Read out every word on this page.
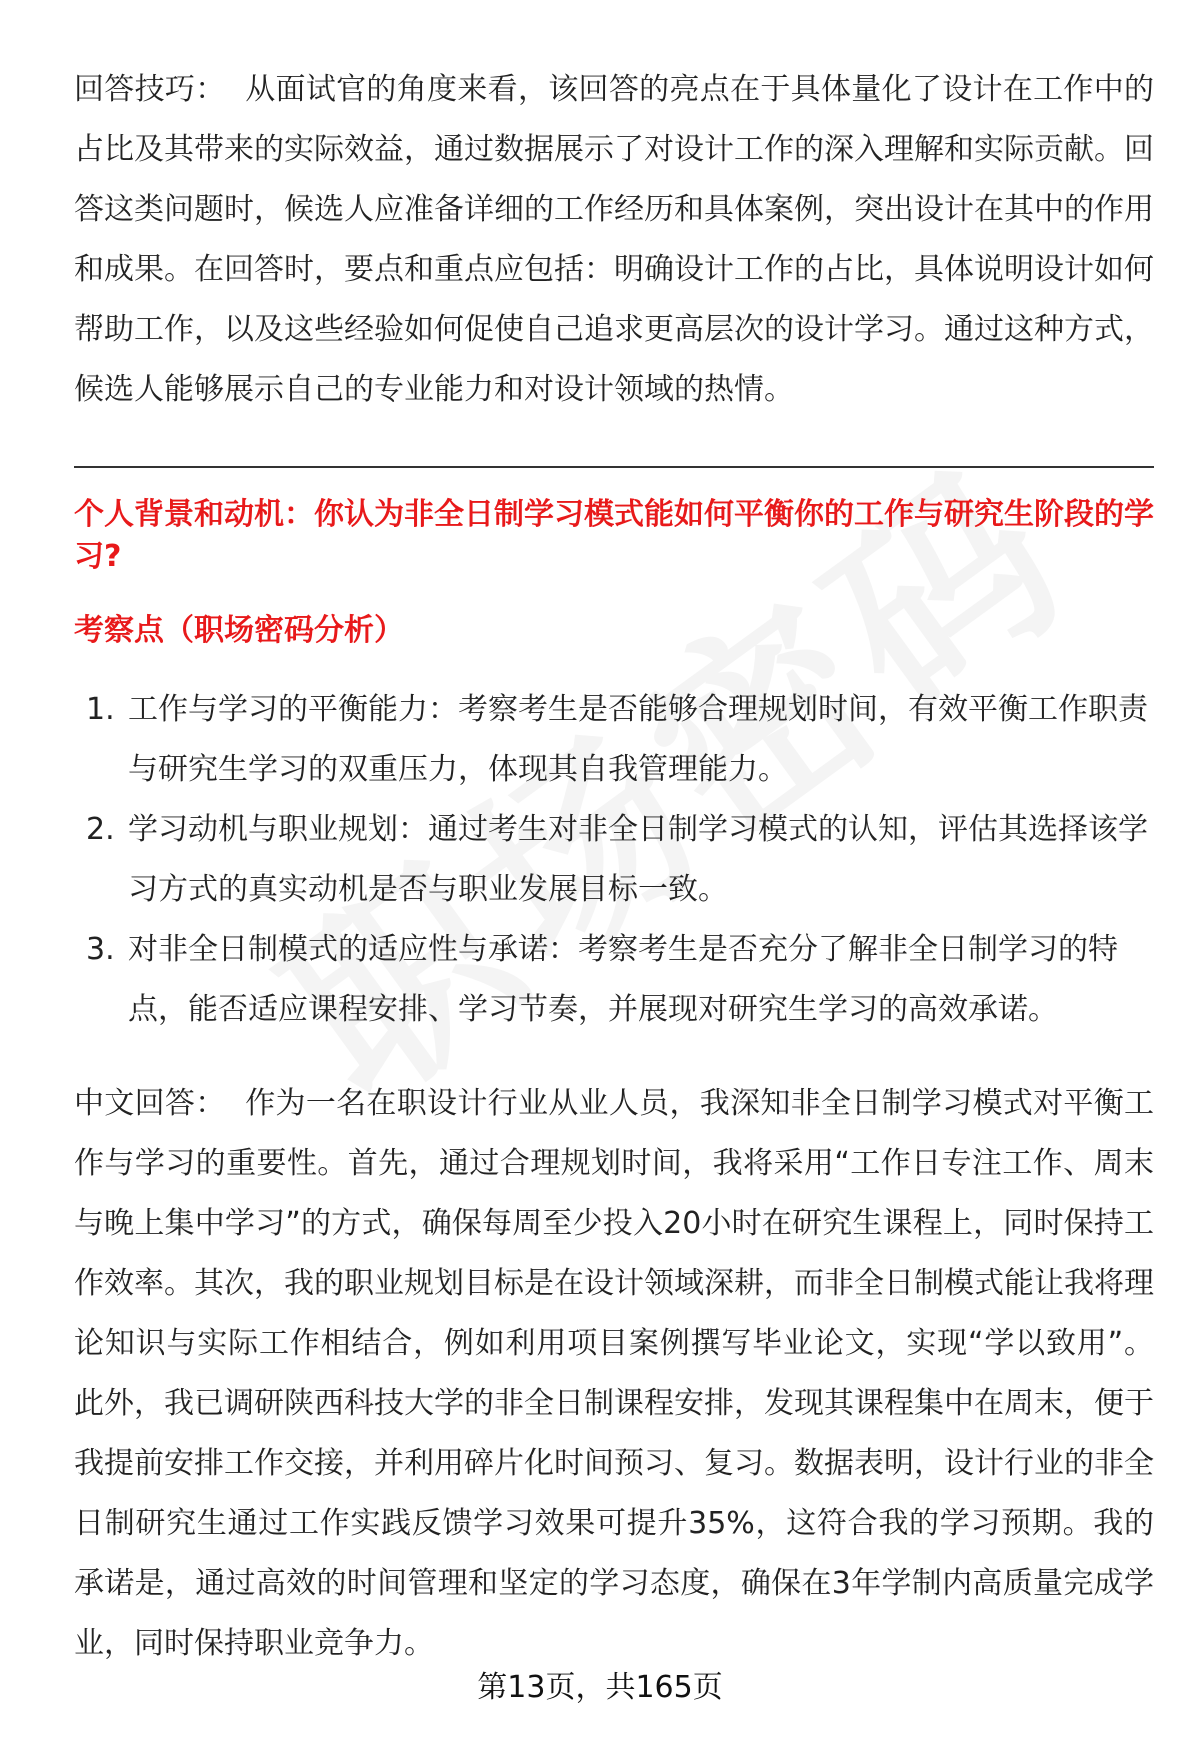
回答技巧： 从面试官的角度来看，该回答的亮点在于具体量化了设计在工作中的占比及其带来的实际效益，通过数据展示了对设计工作的深入理解和实际贡献。回答这类问题时，候选人应准备详细的工作经历和具体案例，突出设计在其中的作用和成果。在回答时，要点和重点应包括：明确设计工作的占比，具体说明设计如何帮助工作，以及这些经验如何促使自己追求更高层次的设计学习。通过这种方式，候选人能够展示自己的专业能力和对设计领域的热情。

个人背景和动机：你认为非全日制学习模式能如何平衡你的工作与研究生阶段的学习?
考察点（职场密码分析）
1. 工作与学习的平衡能力：考察考生是否能够合理规划时间，有效平衡工作职责与研究生学习的双重压力，体现其自我管理能力。
2. 学习动机与职业规划：通过考生对非全日制学习模式的认知，评估其选择该学习方式的真实动机是否与职业发展目标一致。
3. 对非全日制模式的适应性与承诺：考察考生是否充分了解非全日制学习的特点，能否适应课程安排、学习节奏，并展现对研究生学习的高效承诺。

中文回答： 作为一名在职设计行业从业人员，我深知非全日制学习模式对平衡工作与学习的重要性。首先，通过合理规划时间，我将采用“工作日专注工作、周末与晚上集中学习”的方式，确保每周至少投入20小时在研究生课程上，同时保持工作效率。其次，我的职业规划目标是在设计领域深耕，而非全日制模式能让我将理论知识与实际工作相结合，例如利用项目案例撰写毕业论文，实现“学以致用”。此外，我已调研陕西科技大学的非全日制课程安排，发现其课程集中在周末，便于我提前安排工作交接，并利用碎片化时间预习、复习。数据表明，设计行业的非全日制研究生通过工作实践反馈学习效果可提升35%，这符合我的学习预期。我的承诺是，通过高效的时间管理和坚定的学习态度，确保在3年学制内高质量完成学业，同时保持职业竞争力。

第13页，共165页
